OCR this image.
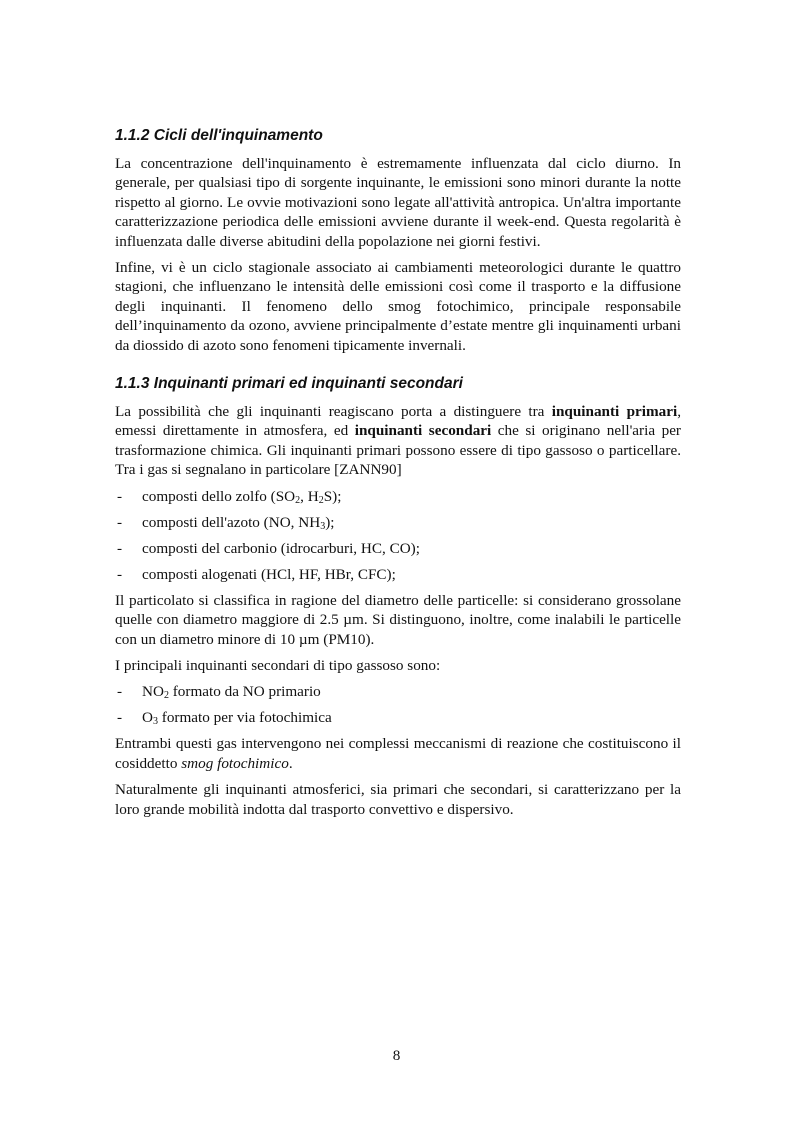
1.1.2 Cicli dell'inquinamento

La concentrazione dell'inquinamento è estremamente influenzata dal ciclo diurno. In generale, per qualsiasi tipo di sorgente inquinante, le emissioni sono minori durante la notte rispetto al giorno. Le ovvie motivazioni sono legate all'attività antropica. Un'altra importante caratterizzazione periodica delle emissioni avviene durante il week-end. Questa regolarità è influenzata dalle diverse abitudini della popolazione nei giorni festivi.

Infine, vi è un ciclo stagionale associato ai cambiamenti meteorologici durante le quattro stagioni, che influenzano le intensità delle emissioni così come il trasporto e la diffusione degli inquinanti. Il fenomeno dello smog fotochimico, principale responsabile dell’inquinamento da ozono, avviene principalmente d’estate mentre gli inquinamenti urbani da diossido di azoto sono fenomeni tipicamente invernali.

1.1.3 Inquinanti primari ed inquinanti secondari

La possibilità che gli inquinanti reagiscano porta a distinguere tra inquinanti primari, emessi direttamente in atmosfera, ed inquinanti secondari che si originano nell'aria per trasformazione chimica. Gli inquinanti primari possono essere di tipo gassoso o particellare. Tra i gas si segnalano in particolare [ZANN90]

- composti dello zolfo ($SO_2$, $H_2S$);
- composti dell'azoto (NO, $NH_3$);
- composti del carbonio (idrocarburi, HC, CO);
- composti alogenati (HCl, HF, HBr, CFC);

Il particolato si classifica in ragione del diametro delle particelle: si considerano grossolane quelle con diametro maggiore di 2.5 µm. Si distinguono, inoltre, come inalabili le particelle con un diametro minore di 10 µm (PM10).

I principali inquinanti secondari di tipo gassoso sono:

- $NO_2$ formato da NO primario
- $O_3$ formato per via fotochimica

Entrambi questi gas intervengono nei complessi meccanismi di reazione che costituiscono il cosiddetto smog fotochimico.

Naturalmente gli inquinanti atmosferici, sia primari che secondari, si caratterizzano per la loro grande mobilità indotta dal trasporto convettivo e dispersivo.

8
